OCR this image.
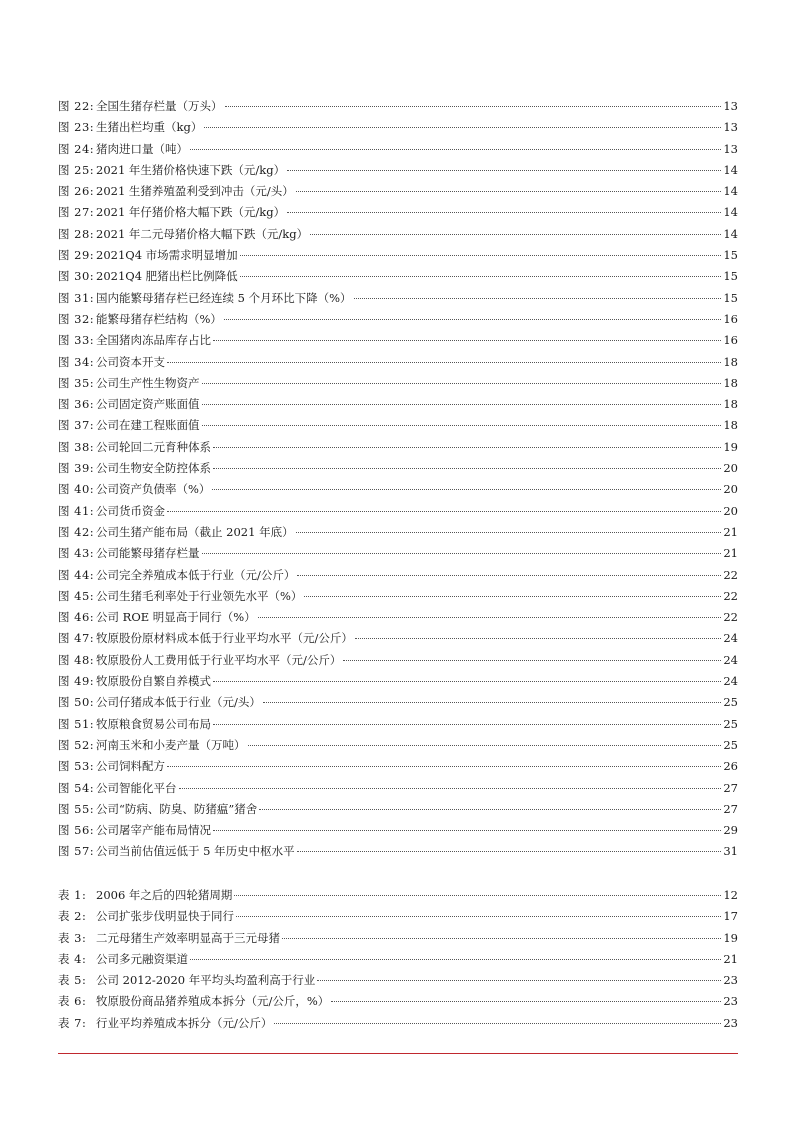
图 22: 全国生猪存栏量（万头）	13
图 23: 生猪出栏均重（kg）	13
图 24: 猪肉进口量（吨）	13
图 25: 2021 年生猪价格快速下跌（元/kg）	14
图 26: 2021 生猪养殖盈利受到冲击（元/头）	14
图 27: 2021 年仔猪价格大幅下跌（元/kg）	14
图 28: 2021 年二元母猪价格大幅下跌（元/kg）	14
图 29: 2021Q4 市场需求明显增加	15
图 30: 2021Q4 肥猪出栏比例降低	15
图 31: 国内能繁母猪存栏已经连续 5 个月环比下降（%）	15
图 32: 能繁母猪存栏结构（%）	16
图 33: 全国猪肉冻品库存占比	16
图 34: 公司资本开支	18
图 35: 公司生产性生物资产	18
图 36: 公司固定资产账面值	18
图 37: 公司在建工程账面值	18
图 38: 公司轮回二元育种体系	19
图 39: 公司生物安全防控体系	20
图 40: 公司资产负债率（%）	20
图 41: 公司货币资金	20
图 42: 公司生猪产能布局（截止 2021 年底）	21
图 43: 公司能繁母猪存栏量	21
图 44: 公司完全养殖成本低于行业（元/公斤）	22
图 45: 公司生猪毛利率处于行业领先水平（%）	22
图 46: 公司 ROE 明显高于同行（%）	22
图 47: 牧原股份原材料成本低于行业平均水平（元/公斤）	24
图 48: 牧原股份人工费用低于行业平均水平（元/公斤）	24
图 49: 牧原股份自繁自养模式	24
图 50: 公司仔猪成本低于行业（元/头）	25
图 51: 牧原粮食贸易公司布局	25
图 52: 河南玉米和小麦产量（万吨）	25
图 53: 公司饲料配方	26
图 54: 公司智能化平台	27
图 55: 公司“防病、防臭、防猪瘟”猪舍	27
图 56: 公司屠宰产能布局情况	29
图 57: 公司当前估值远低于 5 年历史中枢水平	31
表 1: 2006 年之后的四轮猪周期	12
表 2: 公司扩张步伐明显快于同行	17
表 3: 二元母猪生产效率明显高于三元母猪	19
表 4: 公司多元融资渠道	21
表 5: 公司 2012-2020 年平均头均盈利高于行业	23
表 6: 牧原股份商品猪养殖成本拆分（元/公斤，%）	23
表 7: 行业平均养殖成本拆分（元/公斤）	23
